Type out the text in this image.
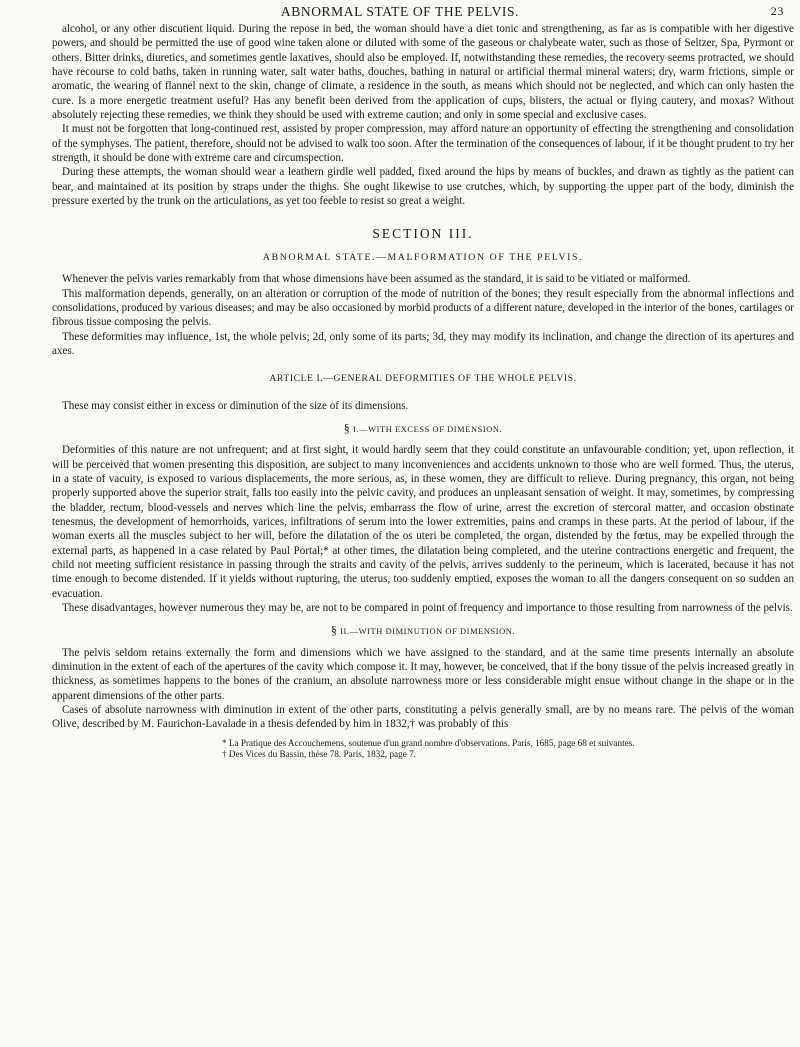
ABNORMAL STATE OF THE PELVIS.	23

alcohol, or any other discutient liquid. During the repose in bed, the woman should have a diet tonic and strengthening, as far as is compatible with her digestive powers, and should be permitted the use of good wine taken alone or diluted with some of the gaseous or chalybeate water, such as those of Seltzer, Spa, Pyrmont or others. Bitter drinks, diuretics, and sometimes gentle laxatives, should also be employed. If, notwithstanding these remedies, the recovery seems protracted, we should have recourse to cold baths, taken in running water, salt water baths, douches, bathing in natural or artificial thermal mineral waters; dry, warm frictions, simple or aromatic, the wearing of flannel next to the skin, change of climate, a residence in the south, as means which should not be neglected, and which can only hasten the cure. Is a more energetic treatment useful? Has any benefit been derived from the application of cups, blisters, the actual or flying cautery, and moxas? Without absolutely rejecting these remedies, we think they should be used with extreme caution; and only in some special and exclusive cases.

It must not be forgotten that long-continued rest, assisted by proper compression, may afford nature an opportunity of effecting the strengthening and consolidation of the symphyses. The patient, therefore, should not be advised to walk too soon. After the termination of the consequences of labour, if it be thought prudent to try her strength, it should be done with extreme care and circumspection.

During these attempts, the woman should wear a leathern girdle well padded, fixed around the hips by means of buckles, and drawn as tightly as the patient can bear, and maintained at its position by straps under the thighs. She ought likewise to use crutches, which, by supporting the upper part of the body, diminish the pressure exerted by the trunk on the articulations, as yet too feeble to resist so great a weight.

SECTION III.
ABNORMAL STATE.—MALFORMATION OF THE PELVIS.

Whenever the pelvis varies remarkably from that whose dimensions have been assumed as the standard, it is said to be vitiated or malformed.

This malformation depends, generally, on an alteration or corruption of the mode of nutrition of the bones; they result especially from the abnormal inflections and consolidations, produced by various diseases; and may be also occasioned by morbid products of a different nature, developed in the interior of the bones, cartilages or fibrous tissue composing the pelvis.

These deformities may influence, 1st, the whole pelvis; 2d, only some of its parts; 3d, they may modify its inclination, and change the direction of its apertures and axes.

ARTICLE I.—GENERAL DEFORMITIES OF THE WHOLE PELVIS.

These may consist either in excess or diminution of the size of its dimensions.

§ I.—WITH EXCESS OF DIMENSION.

Deformities of this nature are not unfrequent; and at first sight, it would hardly seem that they could constitute an unfavourable condition; yet, upon reflection, it will be perceived that women presenting this disposition, are subject to many inconveniences and accidents unknown to those who are well formed. Thus, the uterus, in a state of vacuity, is exposed to various displacements, the more serious, as, in these women, they are difficult to relieve. During pregnancy, this organ, not being properly supported above the superior strait, falls too easily into the pelvic cavity, and produces an unpleasant sensation of weight. It may, sometimes, by compressing the bladder, rectum, blood-vessels and nerves which line the pelvis, embarrass the flow of urine, arrest the excretion of stercoral matter, and occasion obstinate tenesmus, the development of hemorrhoids, varices, infiltrations of serum into the lower extremities, pains and cramps in these parts. At the period of labour, if the woman exerts all the muscles subject to her will, before the dilatation of the os uteri be completed, the organ, distended by the fœtus, may be expelled through the external parts, as happened in a case related by Paul Portal;* at other times, the dilatation being completed, and the uterine contractions energetic and frequent, the child not meeting sufficient resistance in passing through the straits and cavity of the pelvis, arrives suddenly to the perineum, which is lacerated, because it has not time enough to become distended. If it yields without rupturing, the uterus, too suddenly emptied, exposes the woman to all the dangers consequent on so sudden an evacuation.

These disadvantages, however numerous they may be, are not to be compared in point of frequency and importance to those resulting from narrowness of the pelvis.

§ II.—WITH DIMINUTION OF DIMENSION.

The pelvis seldom retains externally the form and dimensions which we have assigned to the standard, and at the same time presents internally an absolute diminution in the extent of each of the apertures of the cavity which compose it. It may, however, be conceived, that if the bony tissue of the pelvis increased greatly in thickness, as sometimes happens to the bones of the cranium, an absolute narrowness more or less considerable might ensue without change in the shape or in the apparent dimensions of the other parts.

Cases of absolute narrowness with diminution in extent of the other parts, constituting a pelvis generally small, are by no means rare. The pelvis of the woman Olive, described by M. Faurichon-Lavalade in a thesis defended by him in 1832,† was probably of this

* La Pratique des Accouchemens, soutenue d'un grand nombre d'observations. Paris, 1685, page 68 et suivantes.
† Des Vices du Bassin, thèse 78. Paris, 1832, page 7.
